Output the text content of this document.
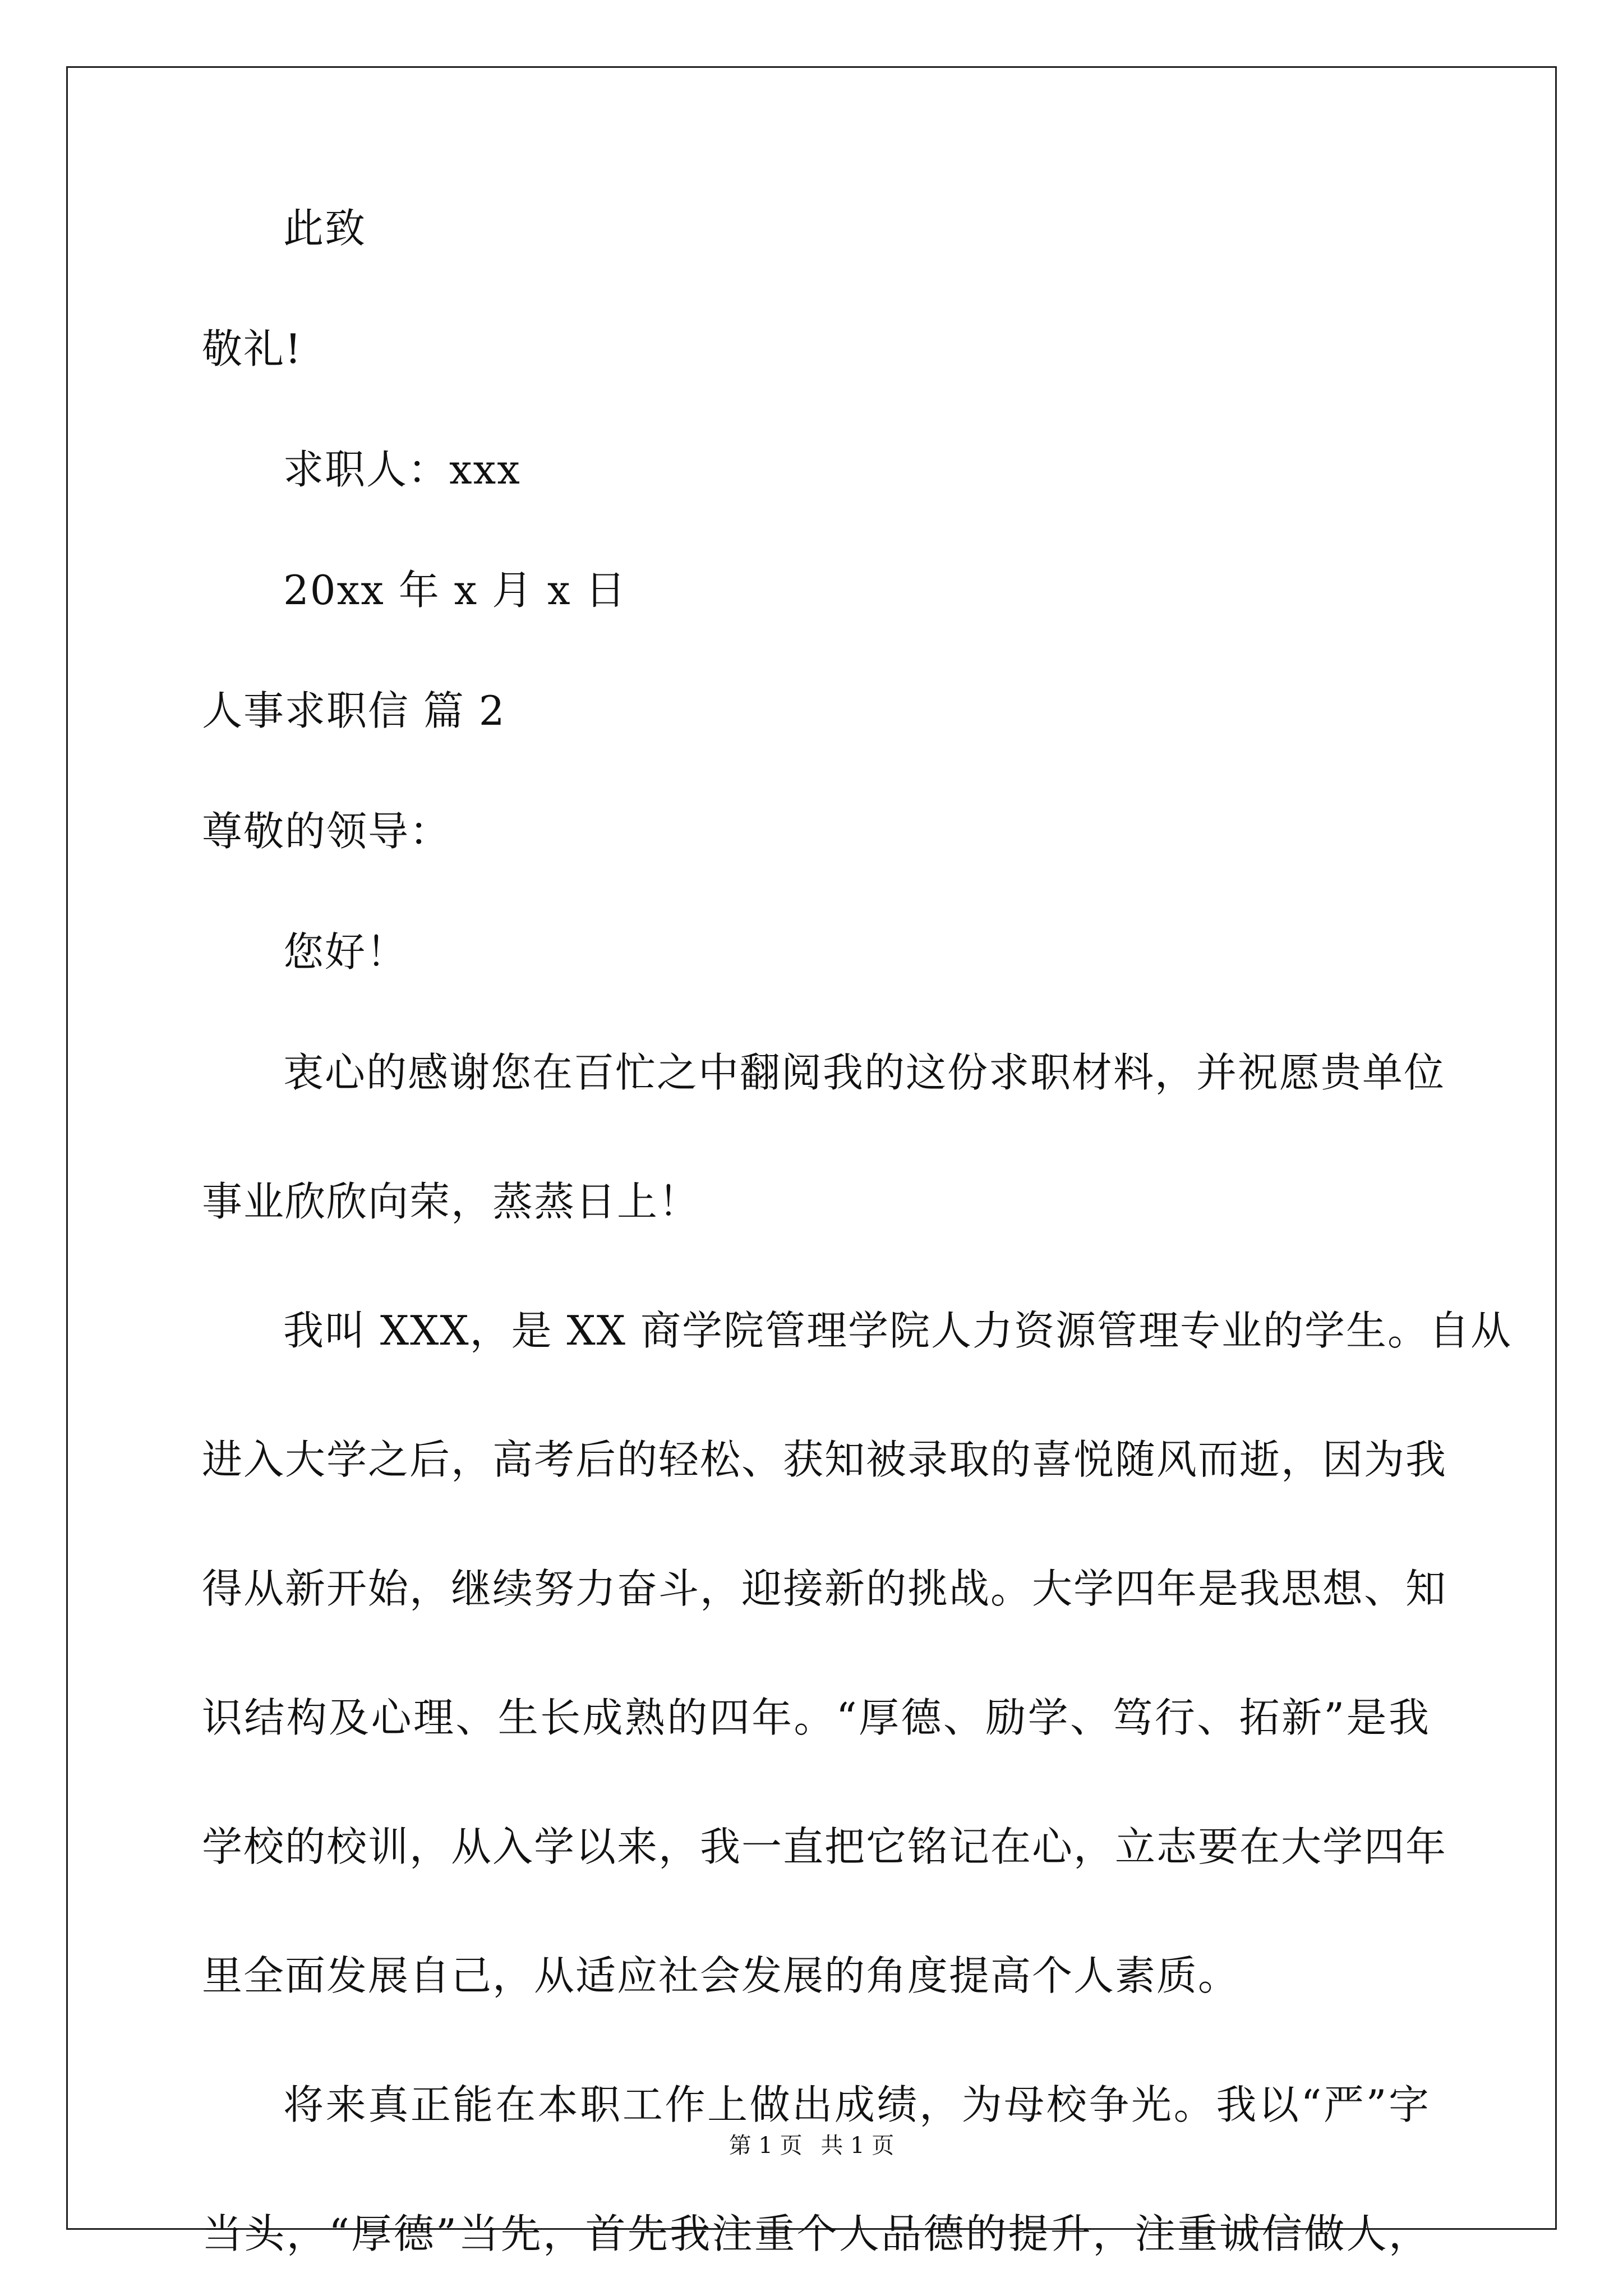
此致

敬礼!

求职人：xxx

20xx 年 x 月 x 日

人事求职信 篇 2

尊敬的领导：

您好！

衷心的感谢您在百忙之中翻阅我的这份求职材料，并祝愿贵单位

事业欣欣向荣，蒸蒸日上！

我叫 XXX，是 XX 商学院管理学院人力资源管理专业的学生。自从

进入大学之后，高考后的轻松、获知被录取的喜悦随风而逝，因为我

得从新开始，继续努力奋斗，迎接新的挑战。大学四年是我思想、知

识结构及心理、生长成熟的四年。“厚德、励学、笃行、拓新”是我

学校的校训，从入学以来，我一直把它铭记在心，立志要在大学四年

里全面发展自己，从适应社会发展的角度提高个人素质。

将来真正能在本职工作上做出成绩，为母校争光。我以“严”字

当头，“厚德”当先，首先我注重个人品德的提升，注重诚信做人，

第 1 页 共 1 页
